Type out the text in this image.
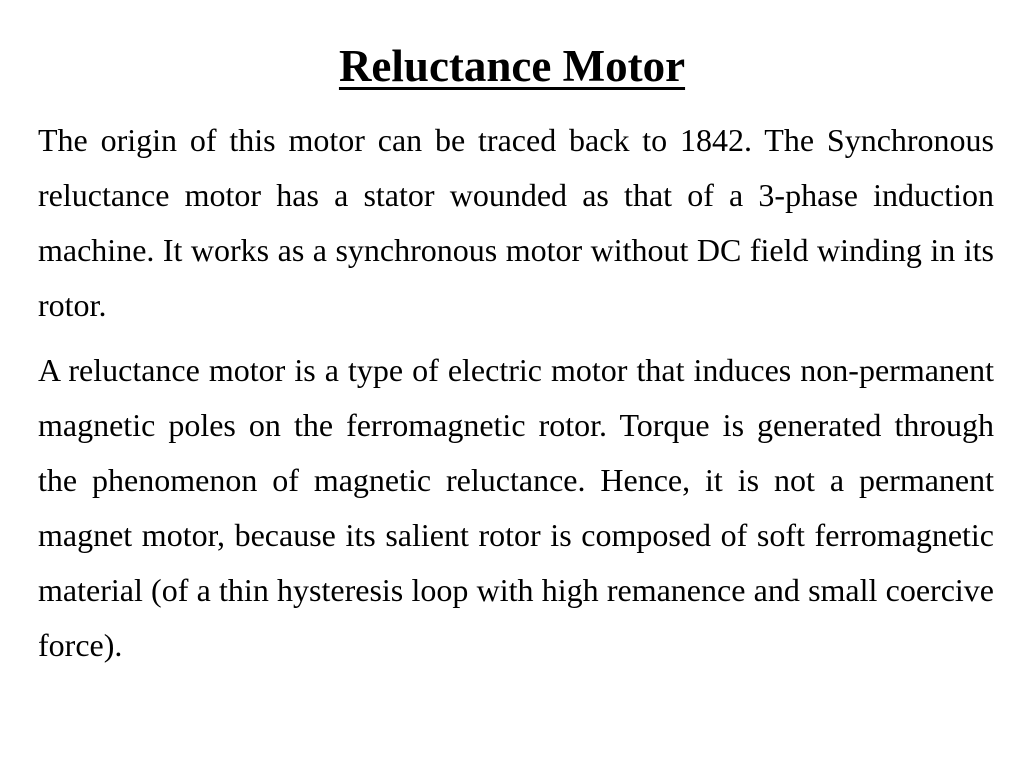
Reluctance Motor

The origin of this motor can be traced back to 1842. The Synchronous reluctance motor has a stator wounded as that of a 3-phase induction machine. It works as a synchronous motor without DC field winding in its rotor.

A reluctance motor is a type of electric motor that induces non-permanent magnetic poles on the ferromagnetic rotor. Torque is generated through the phenomenon of magnetic reluctance. Hence, it is not a permanent magnet motor, because its salient rotor is composed of soft ferromagnetic material (of a thin hysteresis loop with high remanence and small coercive force).
